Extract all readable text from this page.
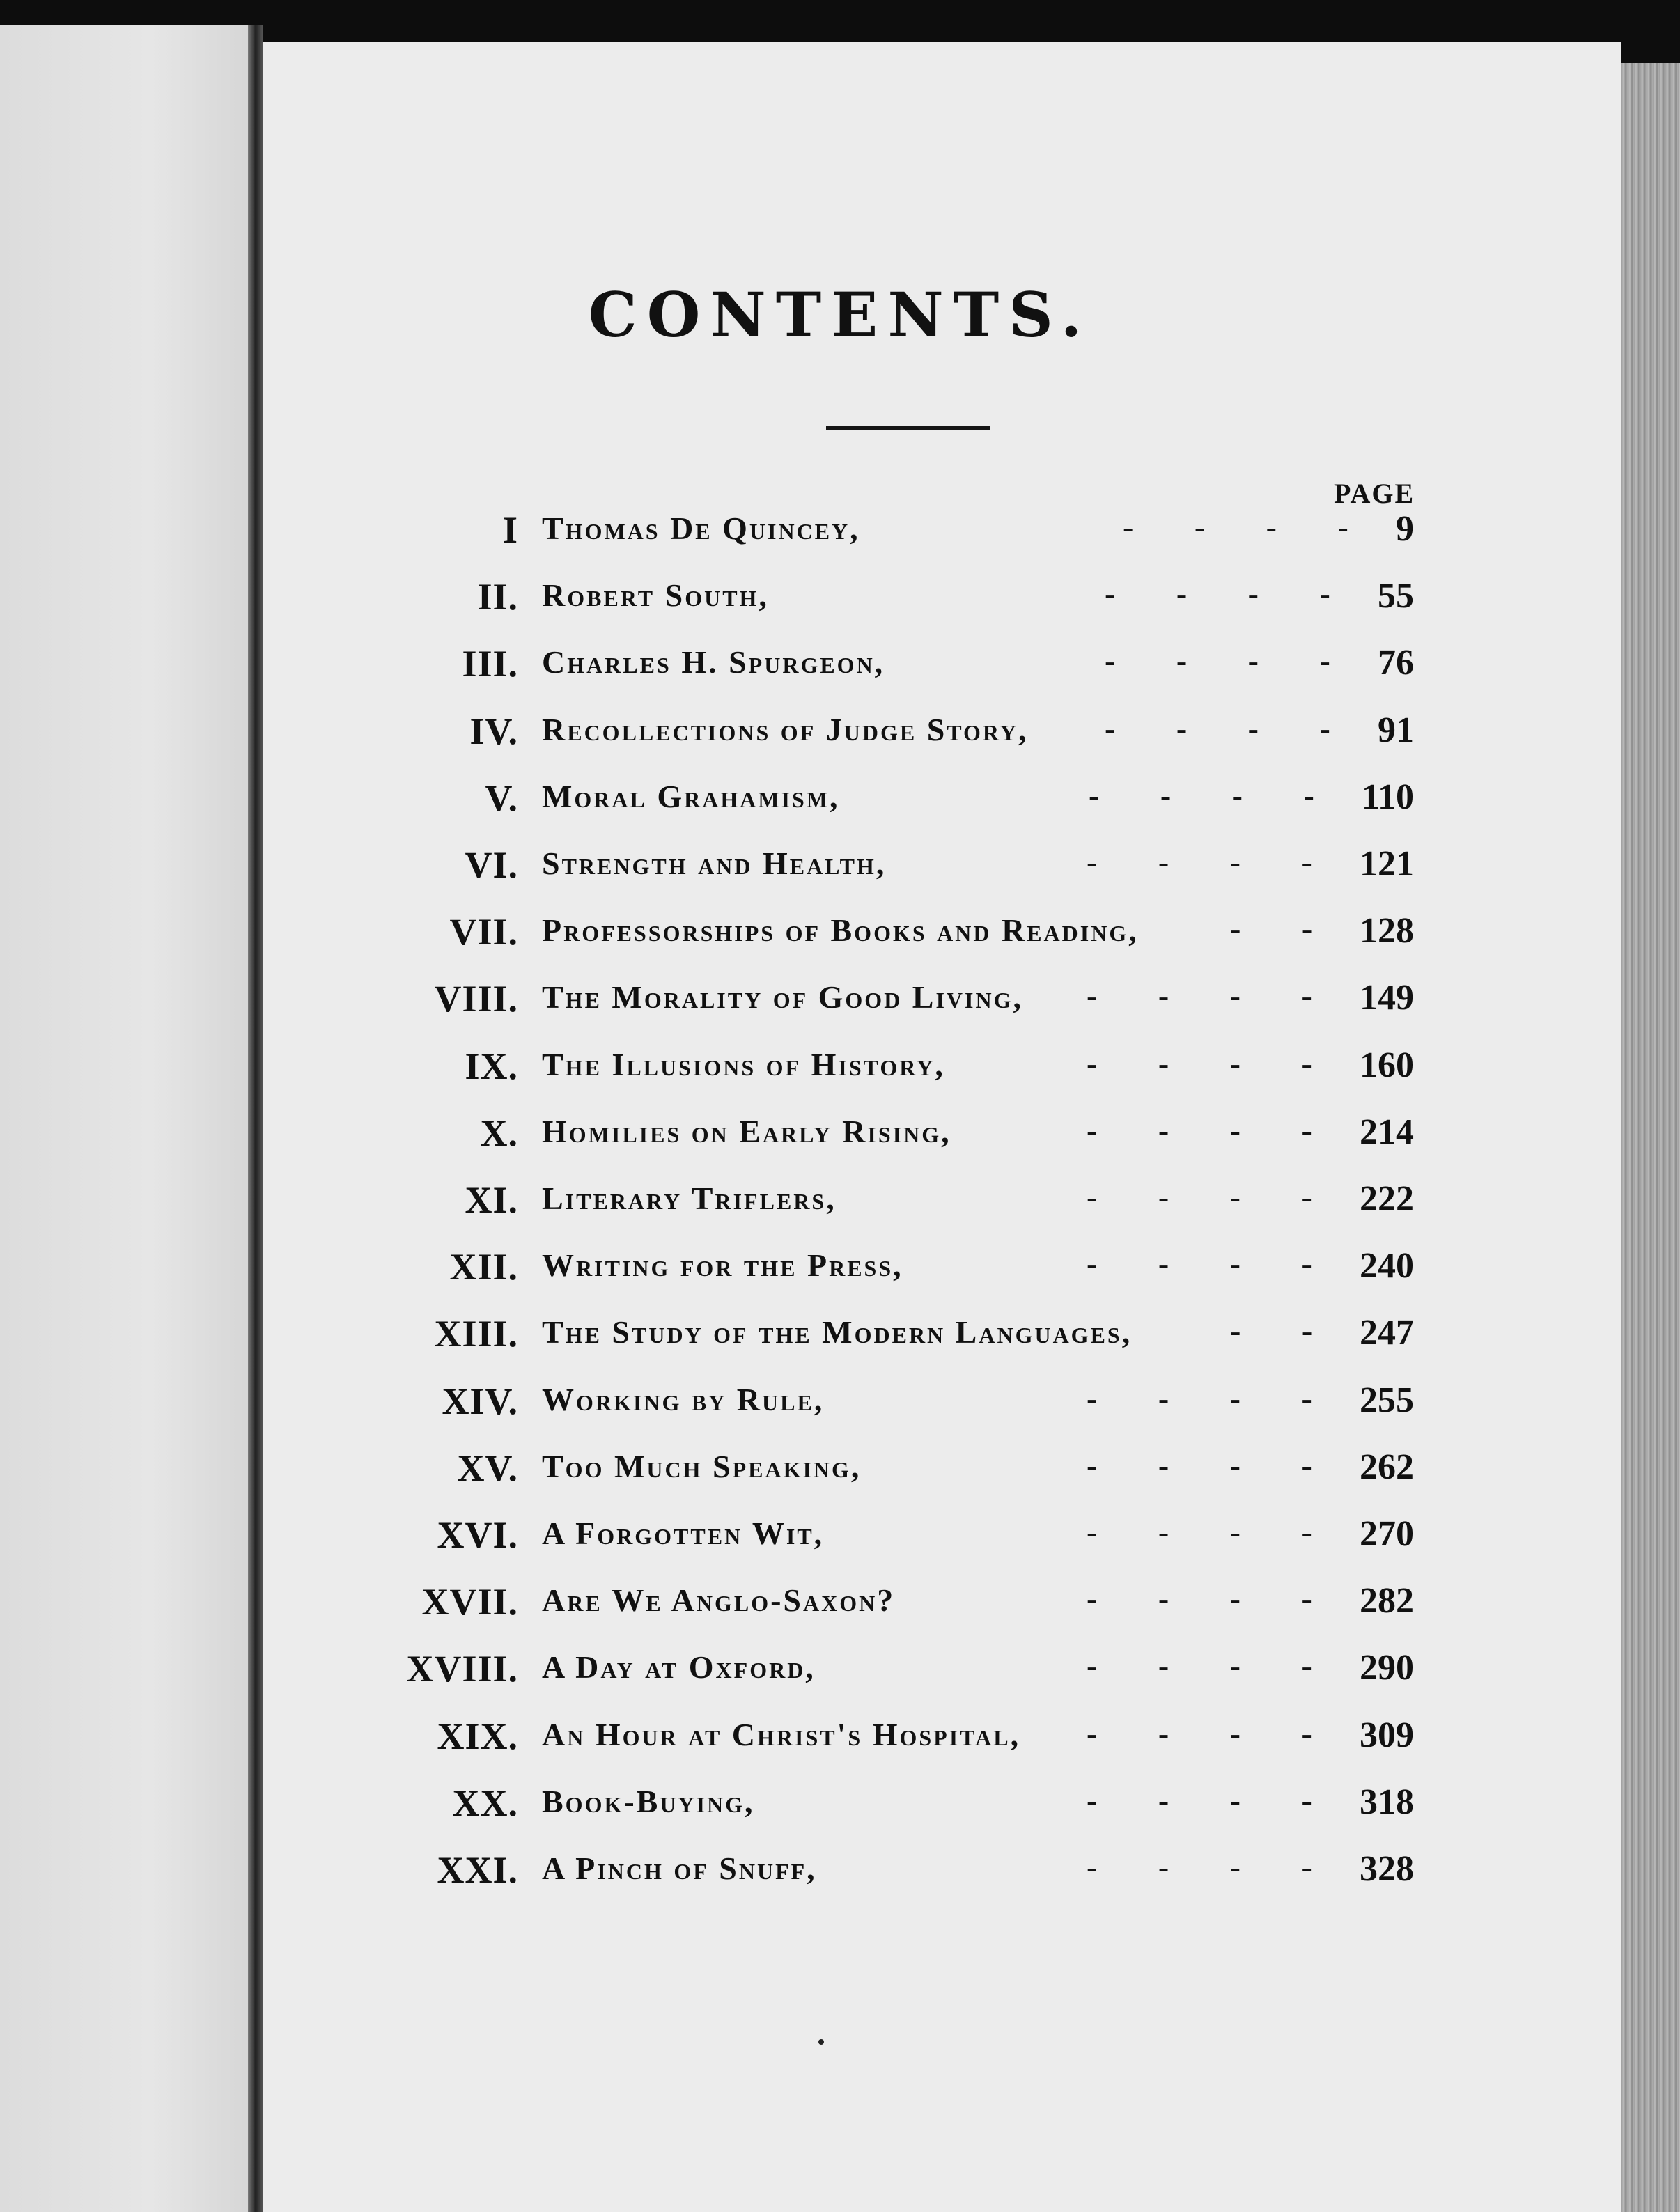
CONTENTS.
PAGE
I Thomas De Quincey,	9
- - - -
II. Robert South,	55
- - - -
III. Charles H. Spurgeon,	76
- - - -
IV. Recollections of Judge Story,	91
- - - -
V. Moral Grahamism,	110
- - - -
VI. Strength and Health,	121
- - - -
VII. Professorships of Books and Reading,	128
- -
VIII. The Morality of Good Living,	149
- - - -
IX. The Illusions of History,	160
- - - -
X. Homilies on Early Rising,	214
- - - -
XI. Literary Triflers,	222
- - - -
XII. Writing for the Press,	240
- - - -
XIII. The Study of the Modern Languages,	247
- -
XIV. Working by Rule,	255
- - - -
XV. Too Much Speaking,	262
- - - -
XVI. A Forgotten Wit,	270
- - - -
XVII. Are We Anglo-Saxon?	282
- - - -
XVIII. A Day at Oxford,	290
- - - -
XIX. An Hour at Christ's Hospital,	309
- - - -
XX. Book-Buying,	318
- - - -
XXI. A Pinch of Snuff,	328
- - - -
